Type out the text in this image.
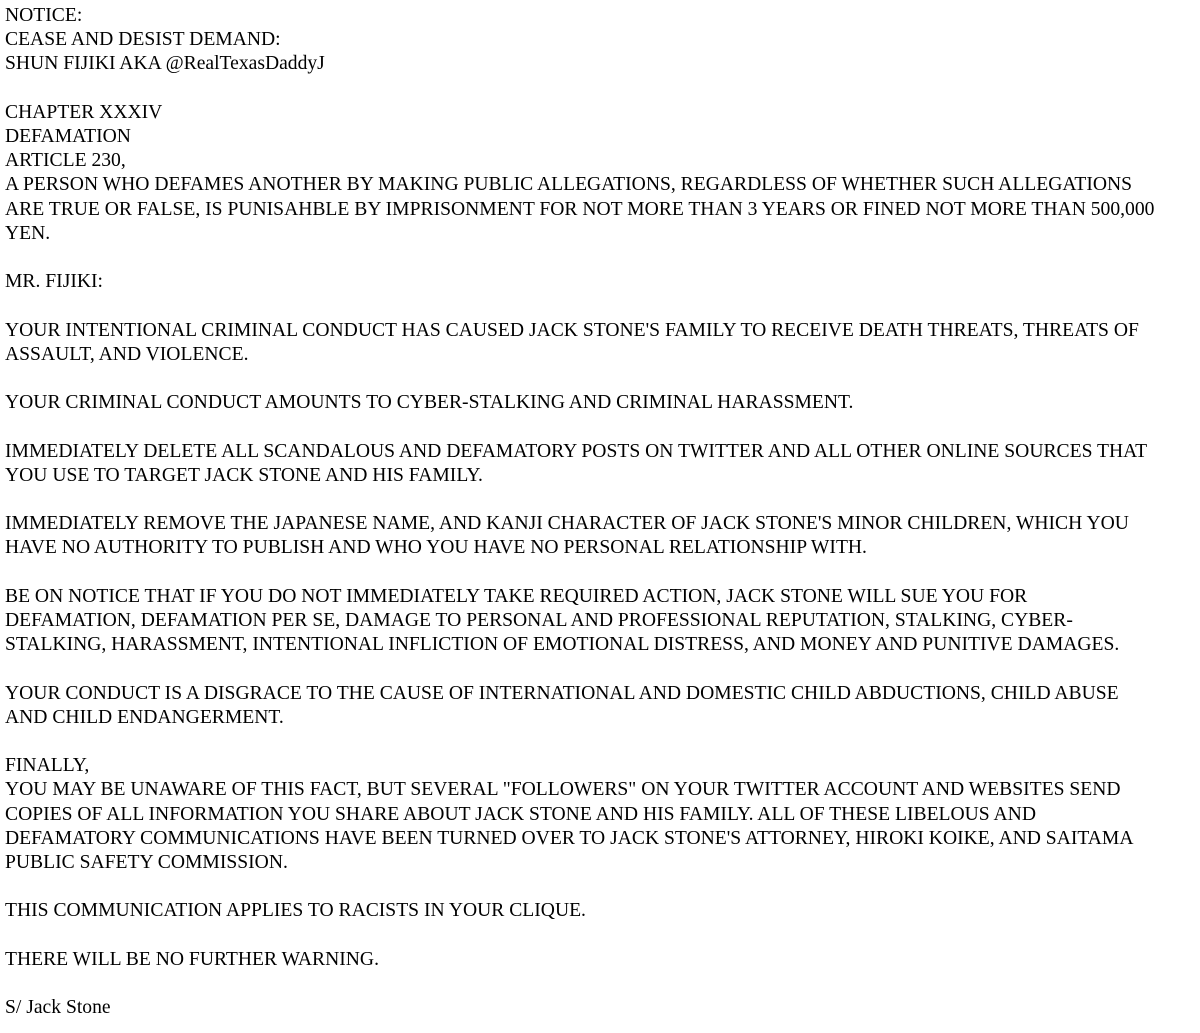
NOTICE:
CEASE AND DESIST DEMAND:
SHUN FIJIKI AKA @RealTexasDaddyJ
CHAPTER XXXIV
DEFAMATION
ARTICLE 230,
A PERSON WHO DEFAMES ANOTHER BY MAKING PUBLIC ALLEGATIONS, REGARDLESS OF WHETHER SUCH ALLEGATIONS
ARE TRUE OR FALSE, IS PUNISAHBLE BY IMPRISONMENT FOR NOT MORE THAN 3 YEARS OR FINED NOT MORE THAN 500,000
YEN.
MR. FIJIKI:
YOUR INTENTIONAL CRIMINAL CONDUCT HAS CAUSED JACK STONE'S FAMILY TO RECEIVE DEATH THREATS, THREATS OF
ASSAULT, AND VIOLENCE.
YOUR CRIMINAL CONDUCT AMOUNTS TO CYBER-STALKING AND CRIMINAL HARASSMENT.
IMMEDIATELY DELETE ALL SCANDALOUS AND DEFAMATORY POSTS ON TWITTER AND ALL OTHER ONLINE SOURCES THAT
YOU USE TO TARGET JACK STONE AND HIS FAMILY.
IMMEDIATELY REMOVE THE JAPANESE NAME, AND KANJI CHARACTER OF JACK STONE'S MINOR CHILDREN, WHICH YOU
HAVE NO AUTHORITY TO PUBLISH AND WHO YOU HAVE NO PERSONAL RELATIONSHIP WITH.
BE ON NOTICE THAT IF YOU DO NOT IMMEDIATELY TAKE REQUIRED ACTION, JACK STONE WILL SUE YOU FOR
DEFAMATION, DEFAMATION PER SE, DAMAGE TO PERSONAL AND PROFESSIONAL REPUTATION, STALKING, CYBER-
STALKING, HARASSMENT, INTENTIONAL INFLICTION OF EMOTIONAL DISTRESS, AND MONEY AND PUNITIVE DAMAGES.
YOUR CONDUCT IS A DISGRACE TO THE CAUSE OF INTERNATIONAL AND DOMESTIC CHILD ABDUCTIONS, CHILD ABUSE
AND CHILD ENDANGERMENT.
FINALLY,
YOU MAY BE UNAWARE OF THIS FACT, BUT SEVERAL "FOLLOWERS" ON YOUR TWITTER ACCOUNT AND WEBSITES SEND
COPIES OF ALL INFORMATION YOU SHARE ABOUT JACK STONE AND HIS FAMILY. ALL OF THESE LIBELOUS AND
DEFAMATORY COMMUNICATIONS HAVE BEEN TURNED OVER TO JACK STONE'S ATTORNEY, HIROKI KOIKE, AND SAITAMA
PUBLIC SAFETY COMMISSION.
THIS COMMUNICATION APPLIES TO RACISTS IN YOUR CLIQUE.
THERE WILL BE NO FURTHER WARNING.
S/ Jack Stone
